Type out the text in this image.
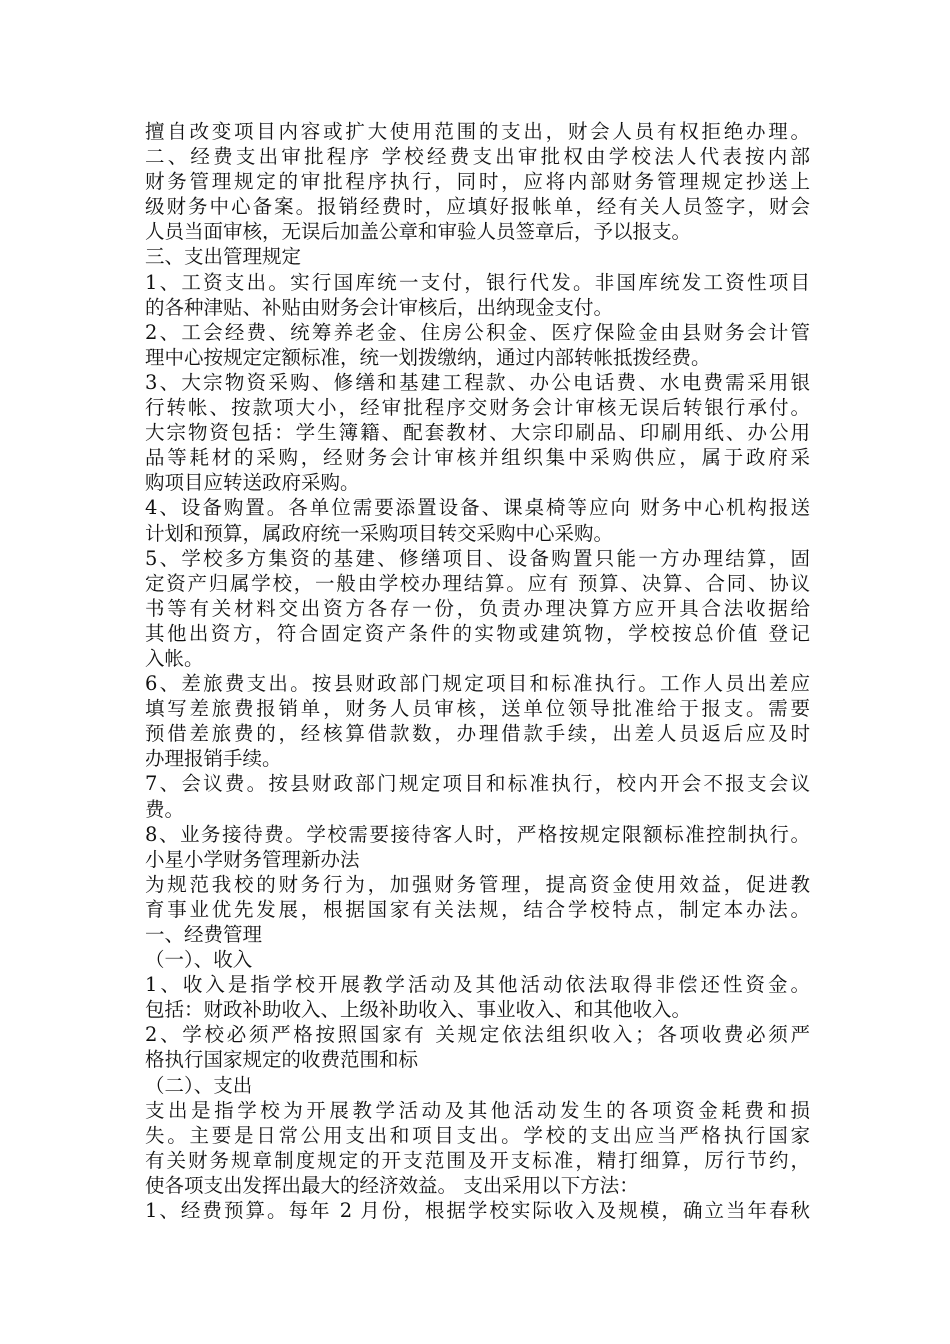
擅自改变项目内容或扩大使用范围的支出，财会人员有权拒绝办理。
二、经费支出审批程序 学校经费支出审批权由学校法人代表按内部
财务管理规定的审批程序执行，同时，应将内部财务管理规定抄送上
级财务中心备案。报销经费时，应填好报帐单，经有关人员签字，财会
人员当面审核，无误后加盖公章和审验人员签章后，予以报支。
三、支出管理规定
1、工资支出。实行国库统一支付，银行代发。非国库统发工资性项目
的各种津贴、补贴由财务会计审核后，出纳现金支付。
2、工会经费、统筹养老金、住房公积金、医疗保险金由县财务会计管
理中心按规定定额标准，统一划拨缴纳，通过内部转帐抵拨经费。
3、大宗物资采购、修缮和基建工程款、办公电话费、水电费需采用银
行转帐、按款项大小，经审批程序交财务会计审核无误后转银行承付。
大宗物资包括：学生簿籍、配套教材、大宗印刷品、印刷用纸、办公用
品等耗材的采购，经财务会计审核并组织集中采购供应，属于政府采
购项目应转送政府采购。
4、设备购置。各单位需要添置设备、课桌椅等应向 财务中心机构报送
计划和预算，属政府统一采购项目转交采购中心采购。
5、学校多方集资的基建、修缮项目、设备购置只能一方办理结算，固
定资产归属学校，一般由学校办理结算。应有 预算、决算、合同、协议
书等有关材料交出资方各存一份，负责办理决算方应开具合法收据给
其他出资方，符合固定资产条件的实物或建筑物，学校按总价值 登记
入帐。
6、差旅费支出。按县财政部门规定项目和标准执行。工作人员出差应
填写差旅费报销单，财务人员审核，送单位领导批准给于报支。需要
预借差旅费的，经核算借款数，办理借款手续，出差人员返后应及时
办理报销手续。
7、会议费。按县财政部门规定项目和标准执行，校内开会不报支会议
费。
8、业务接待费。学校需要接待客人时，严格按规定限额标准控制执行。
小星小学财务管理新办法
为规范我校的财务行为，加强财务管理，提高资金使用效益，促进教
育事业优先发展，根据国家有关法规，结合学校特点，制定本办法。
一、经费管理
（一）、收入
1、收入是指学校开展教学活动及其他活动依法取得非偿还性资金。
包括：财政补助收入、上级补助收入、事业收入、和其他收入。
2、学校必须严格按照国家有 关规定依法组织收入；各项收费必须严
格执行国家规定的收费范围和标
（二）、支出
支出是指学校为开展教学活动及其他活动发生的各项资金耗费和损
失。主要是日常公用支出和项目支出。学校的支出应当严格执行国家
有关财务规章制度规定的开支范围及开支标准，精打细算，厉行节约，
使各项支出发挥出最大的经济效益。 支出采用以下方法：
1、经费预算。每年 2 月份，根据学校实际收入及规模，确立当年春秋
